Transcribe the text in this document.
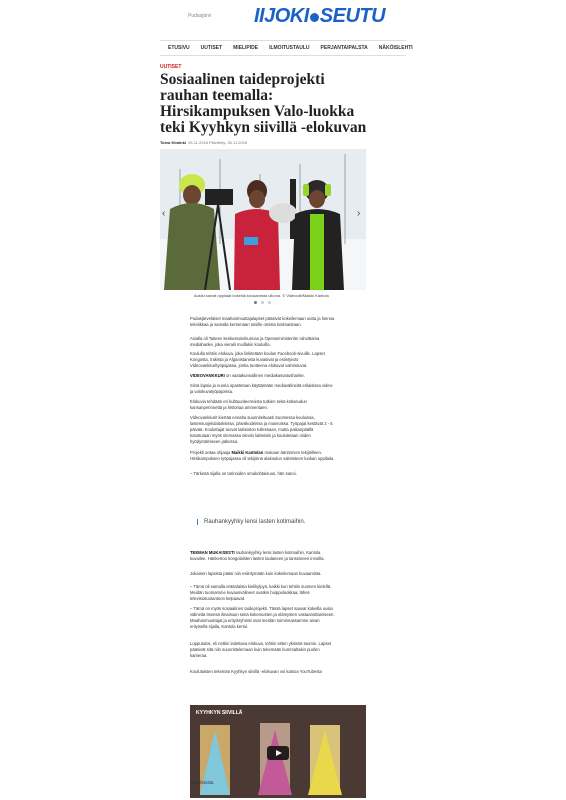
Pudasjärvi IIJOKI SEUTU
ETUSIVU UUTISET MIELIPIDE ILMOITUSTAULU PERJANTAIPALSTA NÄKÖISLEHTI
UUTISET
Sosiaalinen taideprojekti rauhan teemalla: Hirsikampuksen Valo-luokka teki Kyyhkyn siivillä -elokuvan
Toivo Kiminki 26.11.2018 Päivitetty: 26.11.2018
‹	›
Aukisi saivat oppilaat kokeilla kuvaamista ulkona. © Videoolit/Maikki Kantola

Pudasjärveläiset maahanmuuttajalapset pääsivät kokeilemaan uutta ja hienoa tekniikkaa ja samalla kertomaan toisille omista kotimaistaan.

Asialla oli Taiteen keskustoimikunnan ja Opetusministeriön rahoittama mediahanke, joka vieraili muillakin kouluilla.

Koululla tehtiin elokuva, joka linkitetään koulun Facebook-sivuille. Lapset Kongosta, Irakista ja Afganistanista kuvasivat ja esiintyivät Videovankkurityöpajassa, jonka tuotteena elokuvat valmistuvat.

VIDEOVANKKURI on vaatakunnallinen mediakasvatushanke.

Siinä lapsia ja nuoria opastetaan käyttämään mediavälineitä erilaisissa video- ja valokuvatyöpajoissa.

Elokuvia tehdään eri kulttuuriteemoista tutkien sekä kotiseudun kansanperinnettä ja historiaa ammentaen.

Videovankkurit kiertää ennalta suunniteltuasti Suomessa kouluissa, lastensuojelulaitoksissa, päiväkodeissa ja museoissa. Työpajat kestävät 2 - 5 päivää. Kouluttajat tuovat laitteiston tullessaan, mutta paikanpäällä tutustutaan myös olemassa oleviin laitteisiin ja koulutetaan niiden hyödyntämiseen jatkossa.

Projekti antaa ohjaaja Maikki Kantolan mukaan äänitorven tekijöilleen. Hirsikampuksen työpajassa oli tekijöinä alakoulun valmisteen luokan oppilaita.

– Tärkeää sijalla on tarinoiden omakohtaisuus, hän sanoi.

Rauhankyyhky lensi lasten kotimaihin.

TEEMAN MUKAISESTI rauhankyyhky lensi lasten kotimaihin, Kantola kuvailee. Hänkertoo kongolaisten lasten laulaneen ja tanssineen innoilla.

Jokainen lapsista pääsi niin esiintymään kuin kokeilemaan kuvaamista.

– Tämä oli samalla eräänlaista kielikylpyä, kaikki kun tehtiin suomen kielellä. Meidän tuomamme kuvausvälineet ovatkin huippuluokkaa, lähes televisiotuotantoon kelpaavat.

– Tämä on myös sosiaalinen taideprojekti. Tässä lapset saavat kokeilla uusia välineitä itsensä ilmaisuun sekä kokemusten ja elämysten vastaanottamiseen. Maahanmuuttajat ja erityisryhmät ovat meidän toiminnassamme aivan erityisellä sijalla, Kantola kertoi.

Lopputulos, eli nettiin laitettava elokuva, tehtiin sitten yksissä tuumin. Lapset pääsivät sitä niin suunnittelemaan kuin tekemään kummaltakin puolen kameraa.

Koululaisten tekemän Kyyhkyn siivillä -elokuvan voi katsoa YouTubesta

KYYHKYN SIIVILLÄ

tästä linkistä.
